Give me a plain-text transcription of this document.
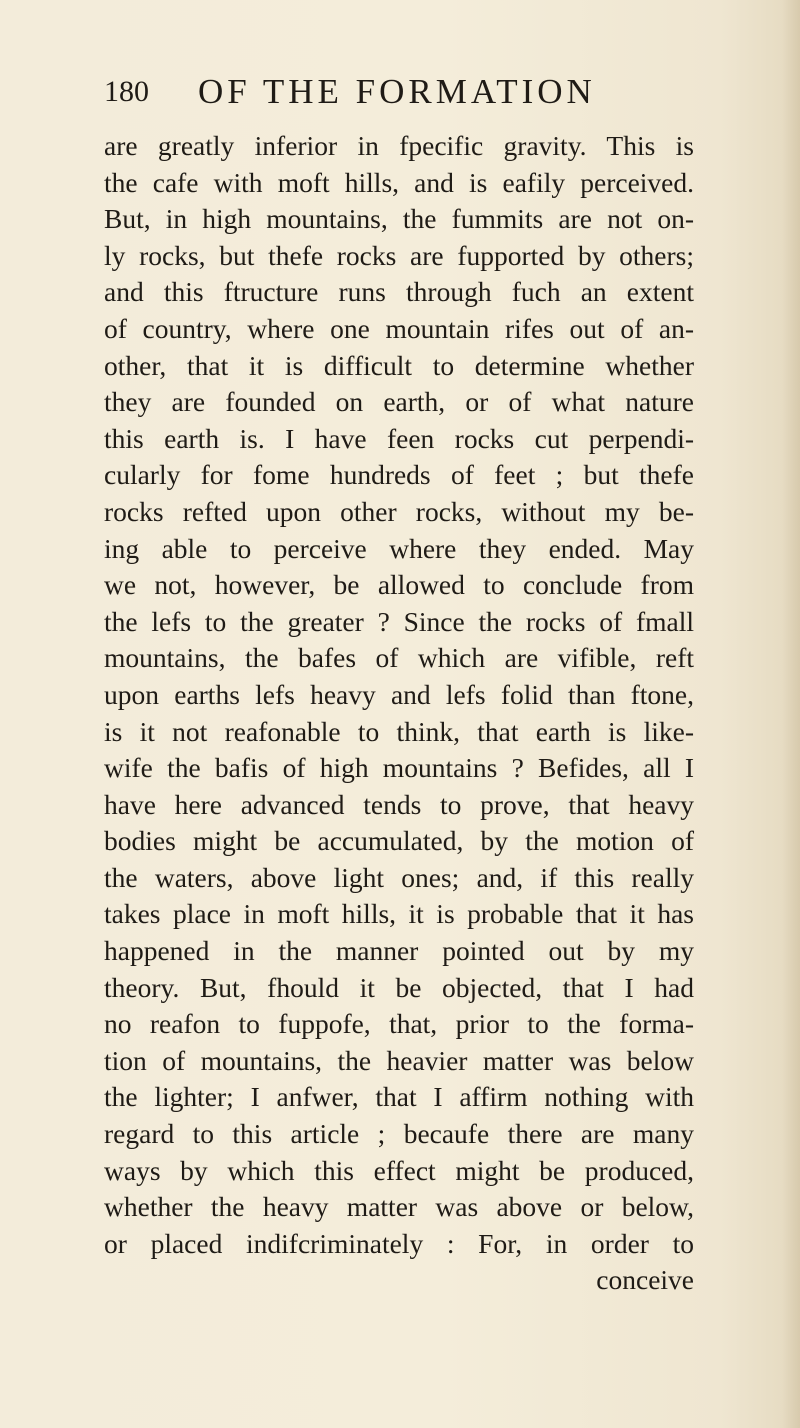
180 OF THE FORMATION
are greatly inferior in fpecific gravity. This is
the cafe with moft hills, and is eafily perceived.
But, in high mountains, the fummits are not on-
ly rocks, but thefe rocks are fupported by others;
and this ftructure runs through fuch an extent
of country, where one mountain rifes out of an-
other, that it is difficult to determine whether
they are founded on earth, or of what nature
this earth is. I have feen rocks cut perpendi-
cularly for fome hundreds of feet ; but thefe
rocks refted upon other rocks, without my be-
ing able to perceive where they ended. May
we not, however, be allowed to conclude from
the lefs to the greater ? Since the rocks of fmall
mountains, the bafes of which are vifible, reft
upon earths lefs heavy and lefs folid than ftone,
is it not reafonable to think, that earth is like-
wife the bafis of high mountains ? Befides, all I
have here advanced tends to prove, that heavy
bodies might be accumulated, by the motion of
the waters, above light ones; and, if this really
takes place in moft hills, it is probable that it has
happened in the manner pointed out by my
theory. But, fhould it be objected, that I had
no reafon to fuppofe, that, prior to the forma-
tion of mountains, the heavier matter was below
the lighter; I anfwer, that I affirm nothing with
regard to this article ; becaufe there are many
ways by which this effect might be produced,
whether the heavy matter was above or below,
or placed indifcriminately : For, in order to
conceive
